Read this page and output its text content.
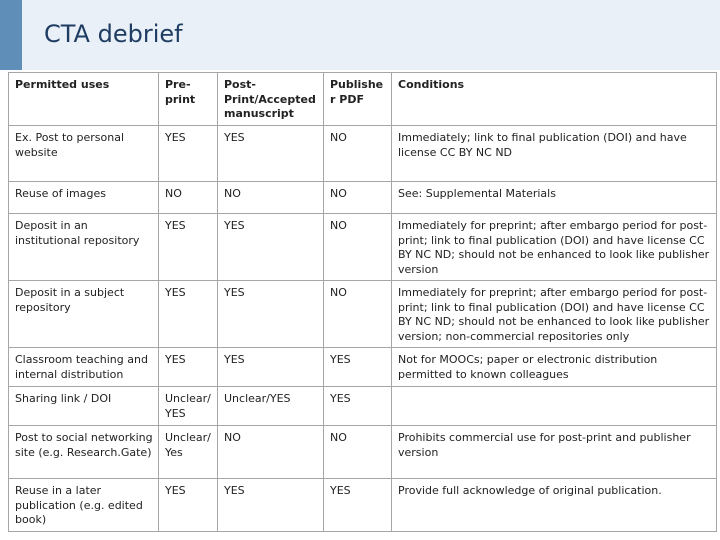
CTA debrief
Permitted uses	Pre-print	Post-Print/Accepted manuscript	Publisher PDF	Conditions
Ex. Post to personal website	YES	YES	NO	Immediately; link to final publication (DOI) and have license CC BY NC ND
Reuse of images	NO	NO	NO	See: Supplemental Materials
Deposit in an institutional repository	YES	YES	NO	Immediately for preprint; after embargo period for post-print; link to final publication (DOI) and have license CC BY NC ND; should not be enhanced to look like publisher version
Deposit in a subject repository	YES	YES	NO	Immediately for preprint; after embargo period for post-print; link to final publication (DOI) and have license CC BY NC ND; should not be enhanced to look like publisher version; non-commercial repositories only
Classroom teaching and internal distribution	YES	YES	YES	Not for MOOCs; paper or electronic distribution permitted to known colleagues
Sharing link / DOI	Unclear/ YES	Unclear/YES	YES	
Post to social networking site (e.g. Research.Gate)	Unclear/ Yes	NO	NO	Prohibits commercial use for post-print and publisher version
Reuse in a later publication (e.g. edited book)	YES	YES	YES	Provide full acknowledge of original publication.
